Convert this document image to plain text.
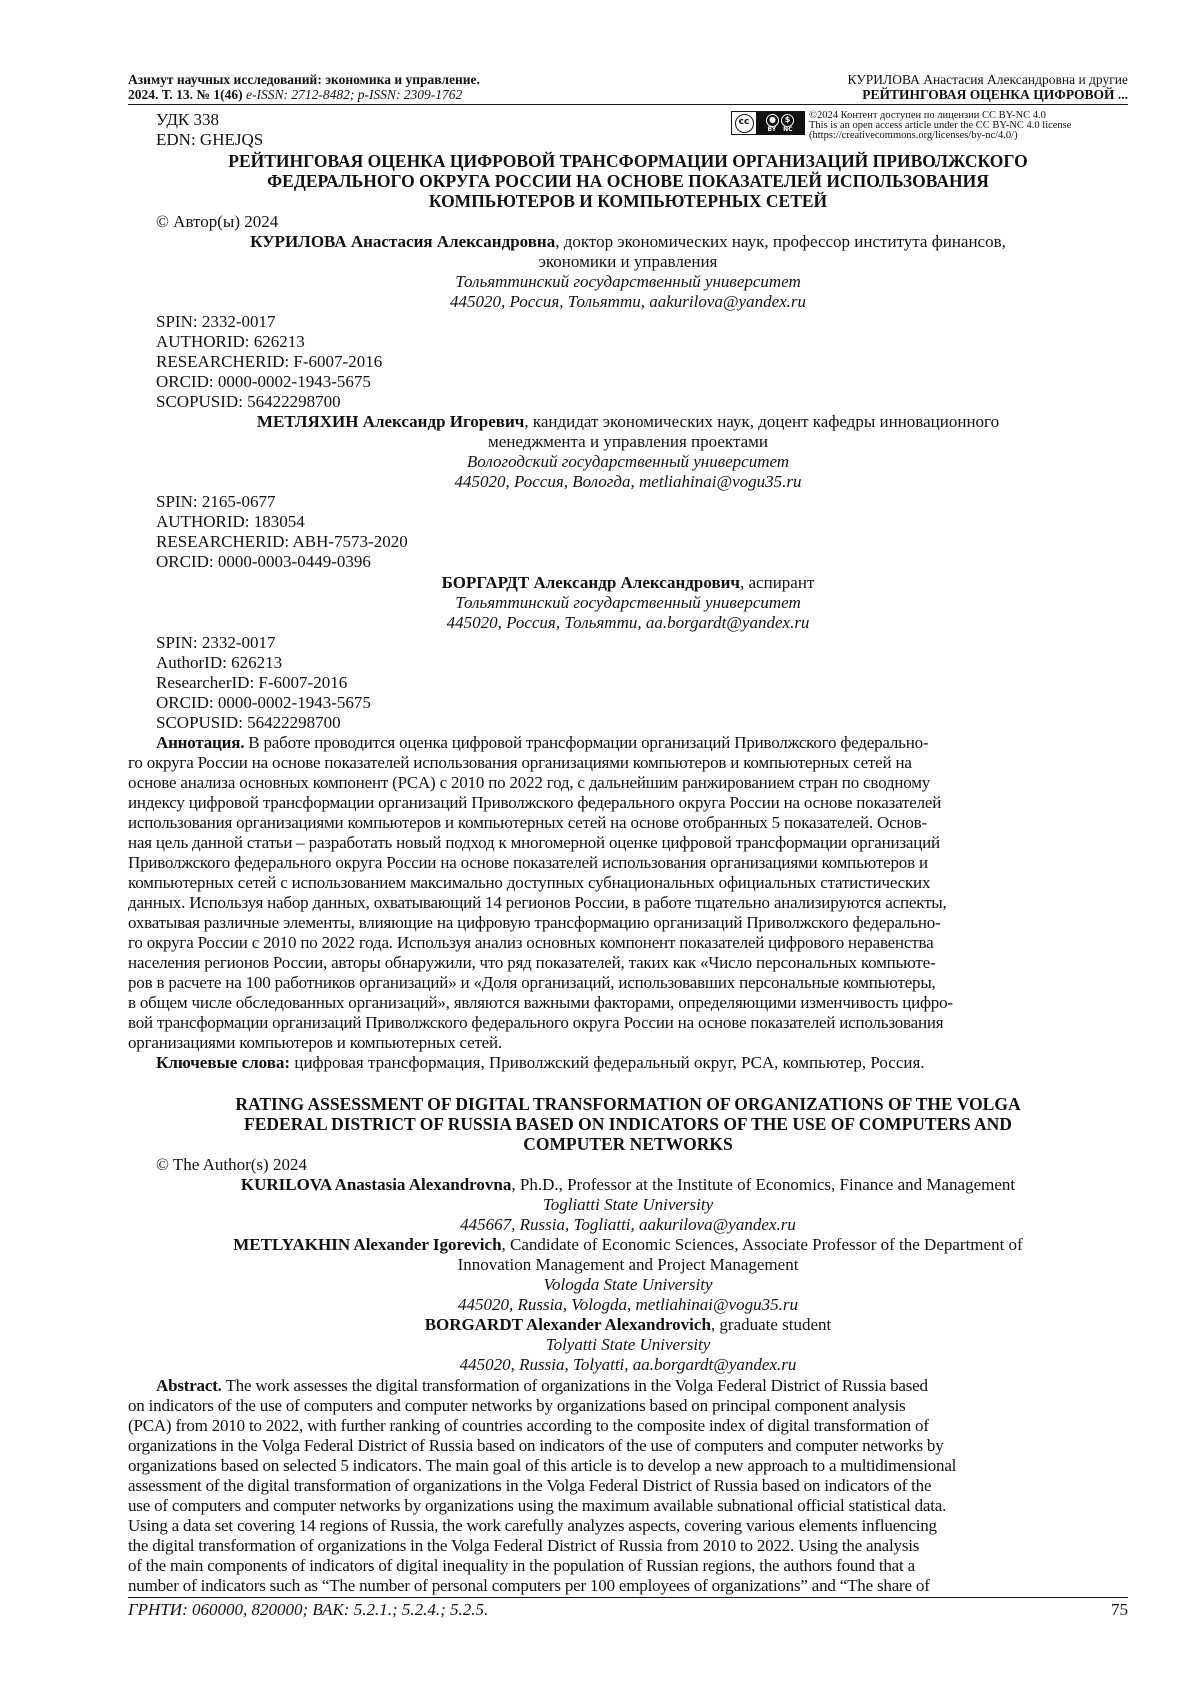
Азимут научных исследований: экономика и управление.
2024. Т. 13. № 1(46) e-ISSN: 2712-8482; p-ISSN: 2309-1762
КУРИЛОВА Анастасия Александровна и другие
РЕЙТИНГОВАЯ ОЦЕНКА ЦИФРОВОЙ ...
УДК 338
EDN: GHEJQS
cc	●	$
BY NC
©2024 Контент доступен по лицензии CC BY-NC 4.0
This is an open access article under the CC BY-NC 4.0 license
(https://creativecommons.org/licenses/by-nc/4.0/)
РЕЙТИНГОВАЯ ОЦЕНКА ЦИФРОВОЙ ТРАНСФОРМАЦИИ ОРГАНИЗАЦИЙ ПРИВОЛЖСКОГО
ФЕДЕРАЛЬНОГО ОКРУГА РОССИИ НА ОСНОВЕ ПОКАЗАТЕЛЕЙ ИСПОЛЬЗОВАНИЯ
КОМПЬЮТЕРОВ И КОМПЬЮТЕРНЫХ СЕТЕЙ
© Автор(ы) 2024
КУРИЛОВА Анастасия Александровна, доктор экономических наук, профессор института финансов,
экономики и управления
Тольяттинский государственный университет
445020, Россия, Тольятти, aakurilova@yandex.ru
SPIN: 2332-0017
AUTHORID: 626213
RESEARCHERID: F-6007-2016
ORCID: 0000-0002-1943-5675
SCOPUSID: 56422298700
МЕТЛЯХИН Александр Игоревич, кандидат экономических наук, доцент кафедры инновационного
менеджмента и управления проектами
Вологодский государственный университет
445020, Россия, Вологда, metliahinai@vogu35.ru
SPIN: 2165-0677
AUTHORID: 183054
RESEARCHERID: ABH-7573-2020
ORCID: 0000-0003-0449-0396
БОРГАРДТ Александр Александрович, аспирант
Тольяттинский государственный университет
445020, Россия, Тольятти, aa.borgardt@yandex.ru
SPIN: 2332-0017
AuthorID: 626213
ResearcherID: F-6007-2016
ORCID: 0000-0002-1943-5675
SCOPUSID: 56422298700
Аннотация. В работе проводится оценка цифровой трансформации организаций Приволжского федерально-
го округа России на основе показателей использования организациями компьютеров и компьютерных сетей на
основе анализа основных компонент (PCA) с 2010 по 2022 год, с дальнейшим ранжированием стран по сводному
индексу цифровой трансформации организаций Приволжского федерального округа России на основе показателей
использования организациями компьютеров и компьютерных сетей на основе отобранных 5 показателей. Основ-
ная цель данной статьи – разработать новый подход к многомерной оценке цифровой трансформации организаций
Приволжского федерального округа России на основе показателей использования организациями компьютеров и
компьютерных сетей с использованием максимально доступных субнациональных официальных статистических
данных. Используя набор данных, охватывающий 14 регионов России, в работе тщательно анализируются аспекты,
охватывая различные элементы, влияющие на цифровую трансформацию организаций Приволжского федерально-
го округа России с 2010 по 2022 года. Используя анализ основных компонент показателей цифрового неравенства
населения регионов России, авторы обнаружили, что ряд показателей, таких как «Число персональных компьюте-
ров в расчете на 100 работников организаций» и «Доля организаций, использовавших персональные компьютеры,
в общем числе обследованных организаций», являются важными факторами, определяющими изменчивость цифро-
вой трансформации организаций Приволжского федерального округа России на основе показателей использования
организациями компьютеров и компьютерных сетей.
Ключевые слова: цифровая трансформация, Приволжский федеральный округ, PCA, компьютер, Россия.
RATING ASSESSMENT OF DIGITAL TRANSFORMATION OF ORGANIZATIONS OF THE VOLGA
FEDERAL DISTRICT OF RUSSIA BASED ON INDICATORS OF THE USE OF COMPUTERS AND
COMPUTER NETWORKS
© The Author(s) 2024
KURILOVA Anastasia Alexandrovna, Ph.D., Professor at the Institute of Economics, Finance and Management
Togliatti State University
445667, Russia, Togliatti, aakurilova@yandex.ru
METLYAKHIN Alexander Igorevich, Candidate of Economic Sciences, Associate Professor of the Department of
Innovation Management and Project Management
Vologda State University
445020, Russia, Vologda, metliahinai@vogu35.ru
BORGARDT Alexander Alexandrovich, graduate student
Tolyatti State University
445020, Russia, Tolyatti, aa.borgardt@yandex.ru
Abstract. The work assesses the digital transformation of organizations in the Volga Federal District of Russia based
on indicators of the use of computers and computer networks by organizations based on principal component analysis
(PCA) from 2010 to 2022, with further ranking of countries according to the composite index of digital transformation of
organizations in the Volga Federal District of Russia based on indicators of the use of computers and computer networks by
organizations based on selected 5 indicators. The main goal of this article is to develop a new approach to a multidimensional
assessment of the digital transformation of organizations in the Volga Federal District of Russia based on indicators of the
use of computers and computer networks by organizations using the maximum available subnational official statistical data.
Using a data set covering 14 regions of Russia, the work carefully analyzes aspects, covering various elements influencing
the digital transformation of organizations in the Volga Federal District of Russia from 2010 to 2022. Using the analysis
of the main components of indicators of digital inequality in the population of Russian regions, the authors found that a
number of indicators such as “The number of personal computers per 100 employees of organizations” and “The share of
ГРНТИ: 060000, 820000; ВАК: 5.2.1.; 5.2.4.; 5.2.5.	75
